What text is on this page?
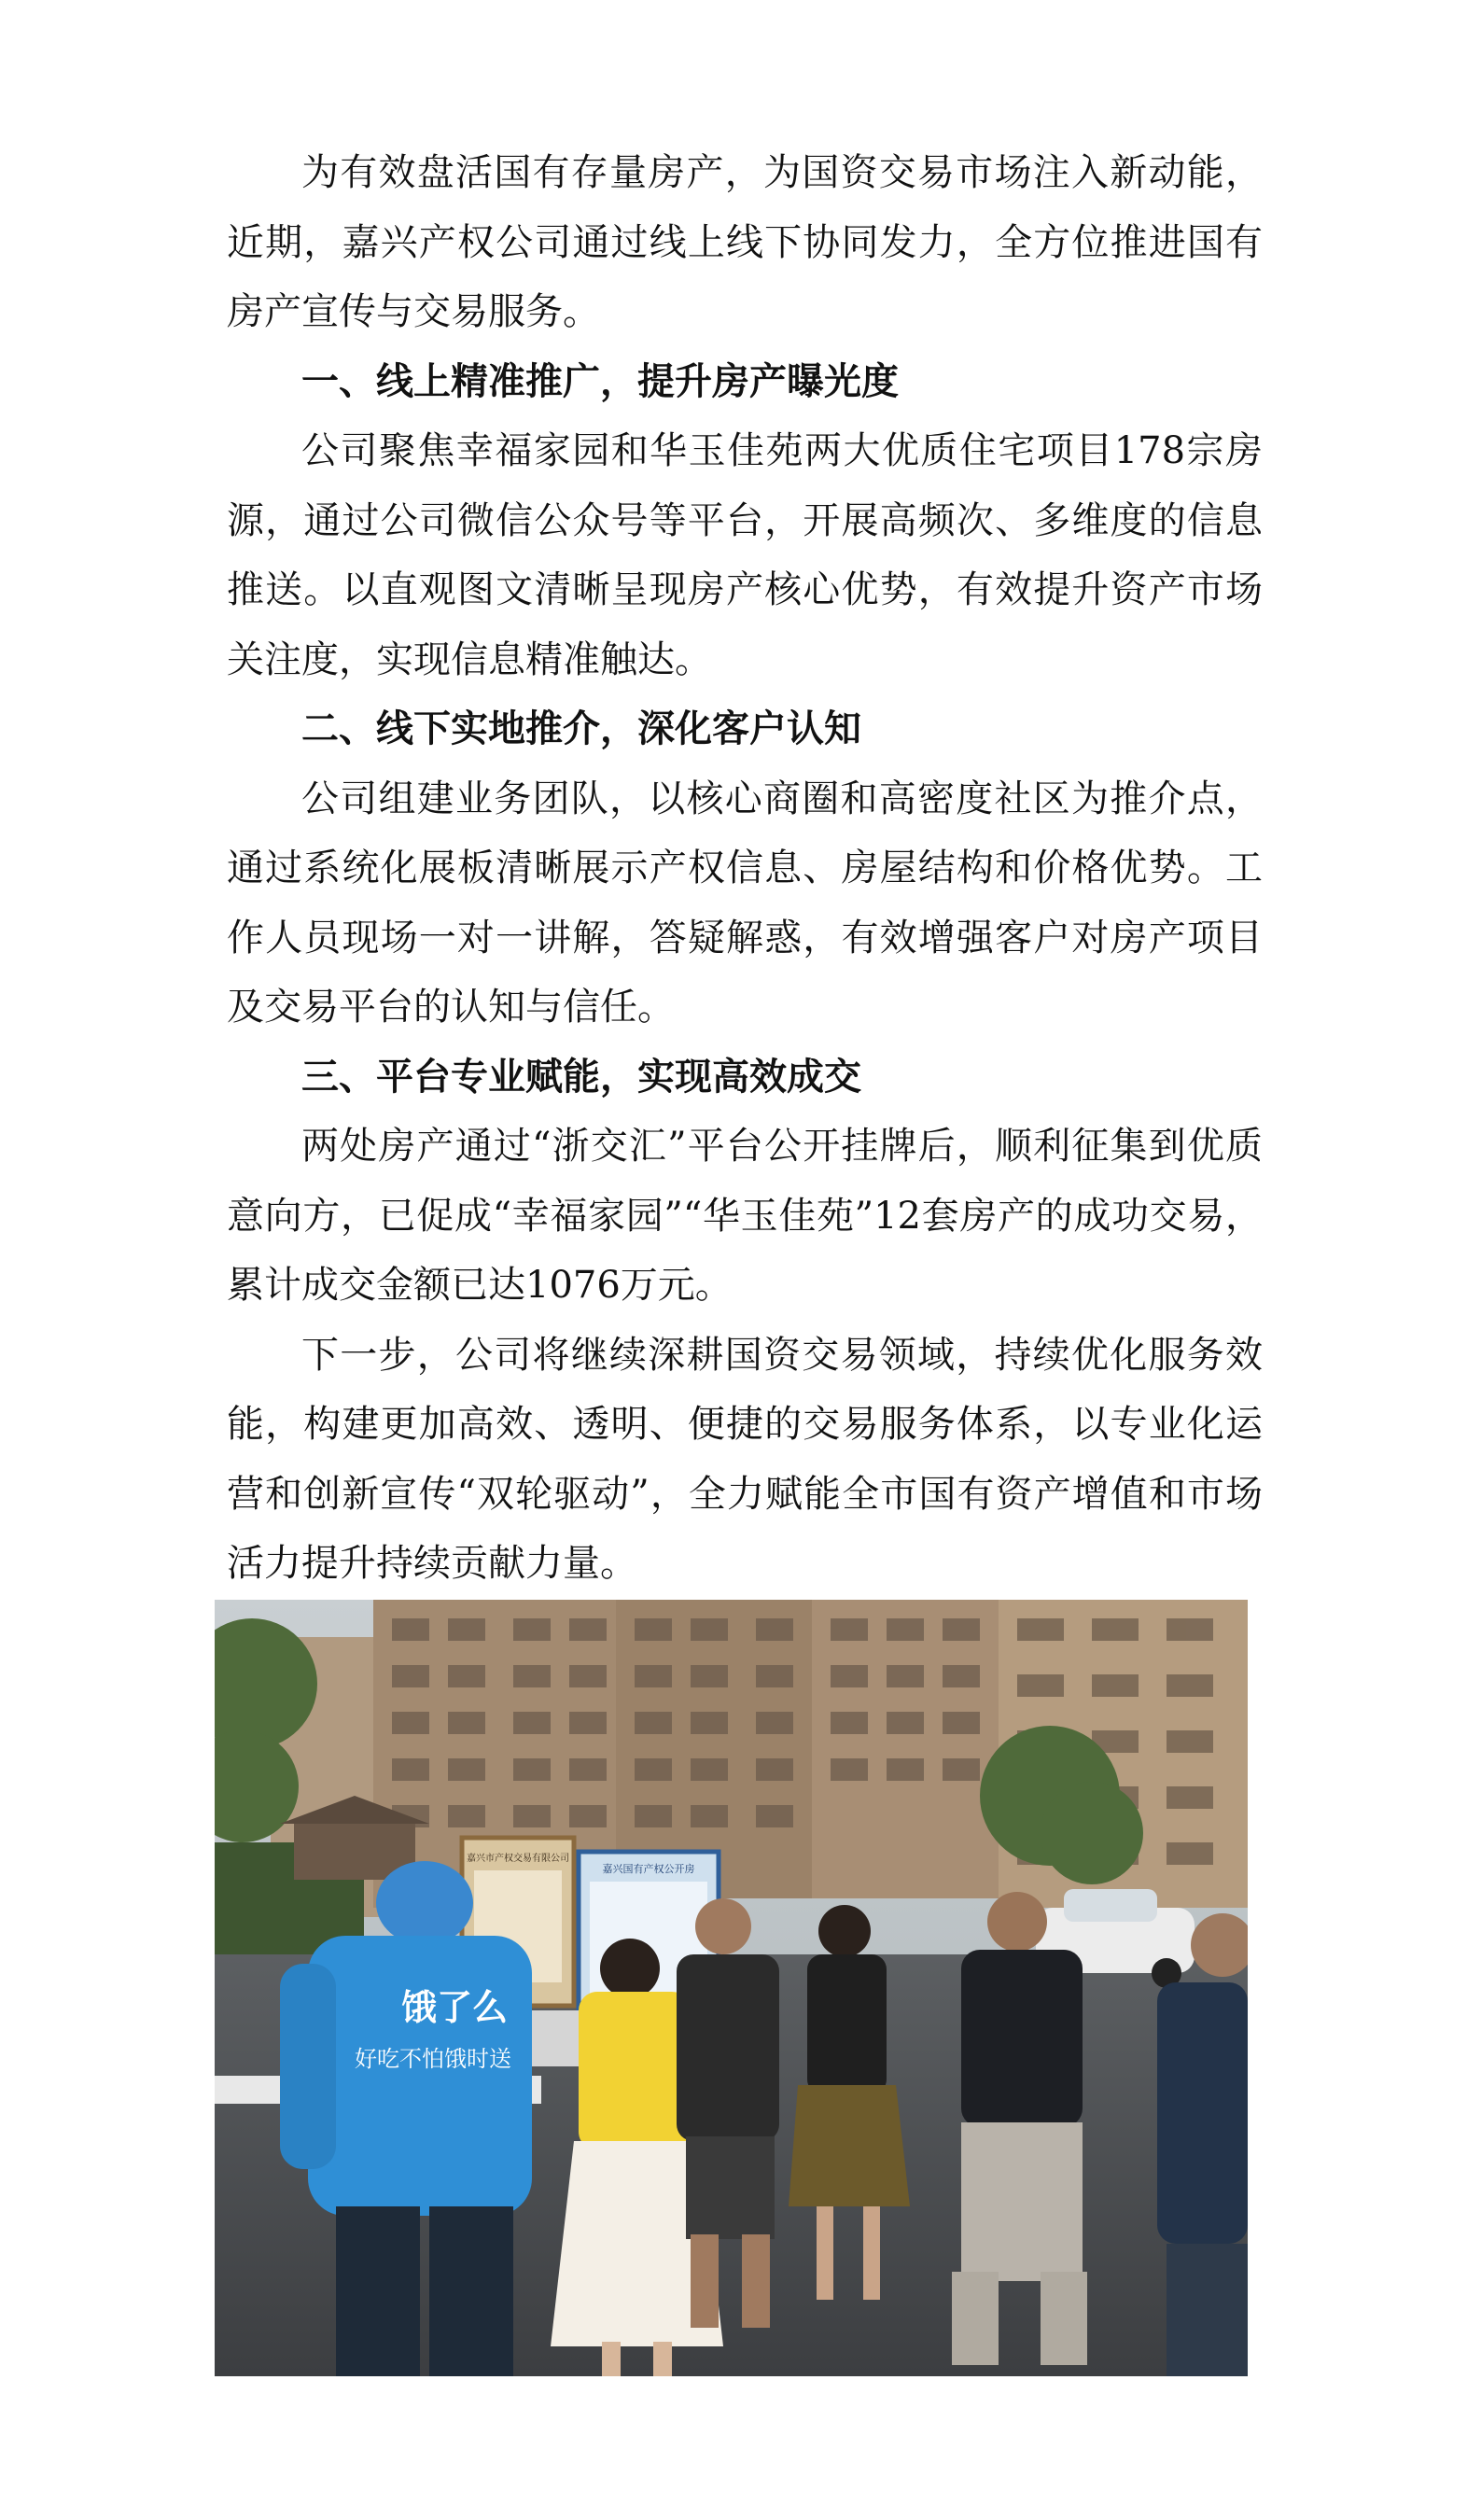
为有效盘活国有存量房产，为国资交易市场注入新动能，近期，嘉兴产权公司通过线上线下协同发力，全方位推进国有房产宣传与交易服务。

一、线上精准推广，提升房产曝光度

公司聚焦幸福家园和华玉佳苑两大优质住宅项目178宗房源，通过公司微信公众号等平台，开展高频次、多维度的信息推送。以直观图文清晰呈现房产核心优势，有效提升资产市场关注度，实现信息精准触达。

二、线下实地推介，深化客户认知

公司组建业务团队，以核心商圈和高密度社区为推介点，通过系统化展板清晰展示产权信息、房屋结构和价格优势。工作人员现场一对一讲解，答疑解惑，有效增强客户对房产项目及交易平台的认知与信任。

三、平台专业赋能，实现高效成交

两处房产通过“浙交汇”平台公开挂牌后，顺利征集到优质意向方，已促成“幸福家园”“华玉佳苑”12套房产的成功交易，累计成交金额已达1076万元。

下一步，公司将继续深耕国资交易领域，持续优化服务效能，构建更加高效、透明、便捷的交易服务体系，以专业化运营和创新宣传“双轮驱动”，全力赋能全市国有资产增值和市场活力提升持续贡献力量。

嘉兴市产权交易有限公司
嘉兴国有产权公开房
饿了么
好吃不怕饿时送
